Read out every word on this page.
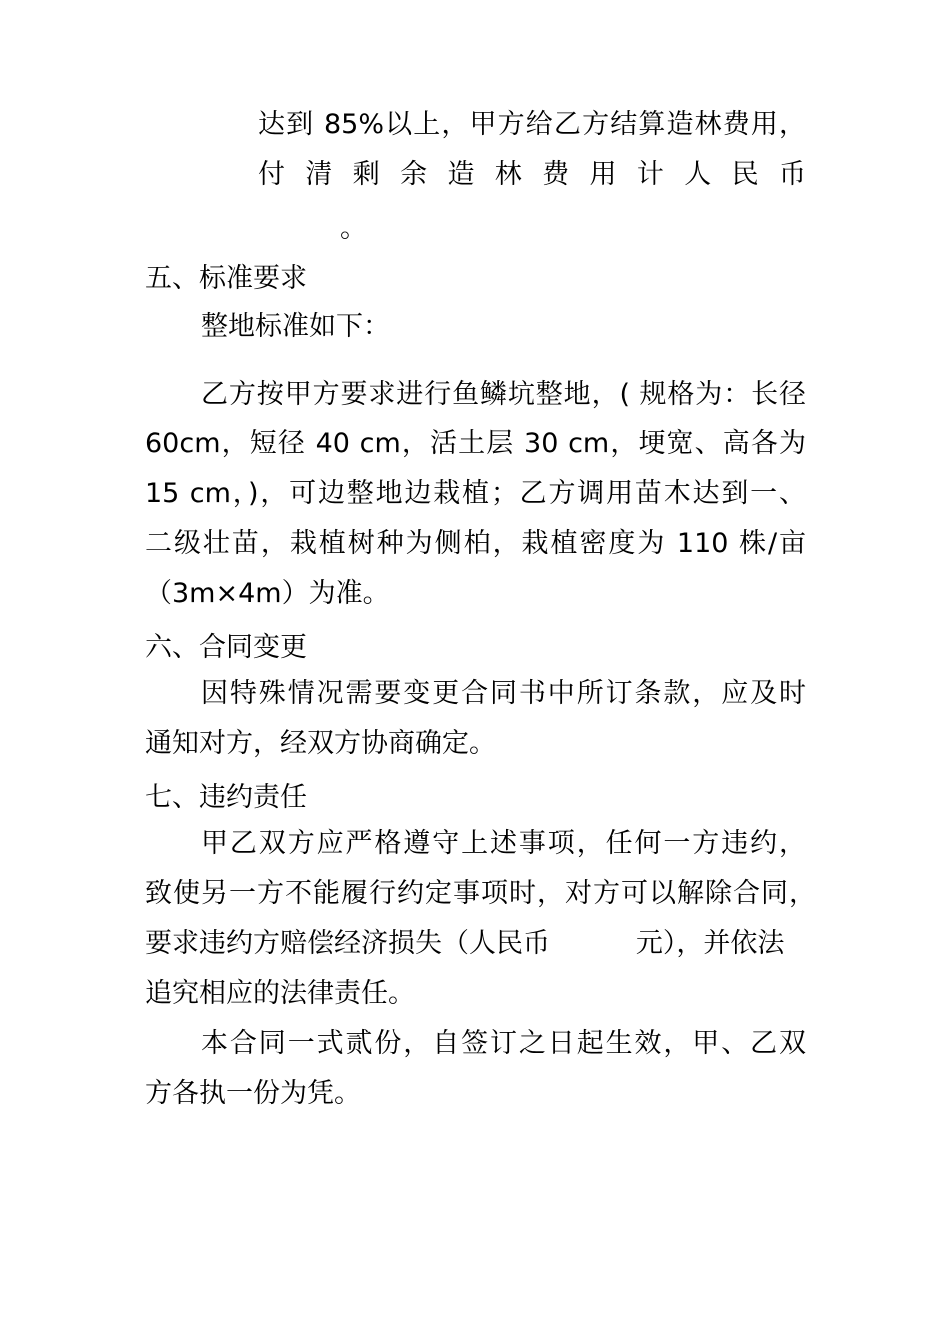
达到 85%以上，甲方给乙方结算造林费用，
付 清 剩 余 造 林 费 用 计 人 民 币
。
五、标准要求
整地标准如下：
乙方按甲方要求进行鱼鳞坑整地，( 规格为：长径
60cm，短径 40 cm，活土层 30 cm，埂宽、高各为
15 cm，)，可边整地边栽植；乙方调用苗木达到一、
二级壮苗，栽植树种为侧柏，栽植密度为 110 株/亩
（3m×4m）为准。
六、合同变更
因特殊情况需要变更合同书中所订条款，应及时
通知对方，经双方协商确定。
七、违约责任
甲乙双方应严格遵守上述事项，任何一方违约，
致使另一方不能履行约定事项时，对方可以解除合同，
要求违约方赔偿经济损失（人民币          元），并依法
追究相应的法律责任。
本合同一式贰份，自签订之日起生效，甲、乙双
方各执一份为凭。
